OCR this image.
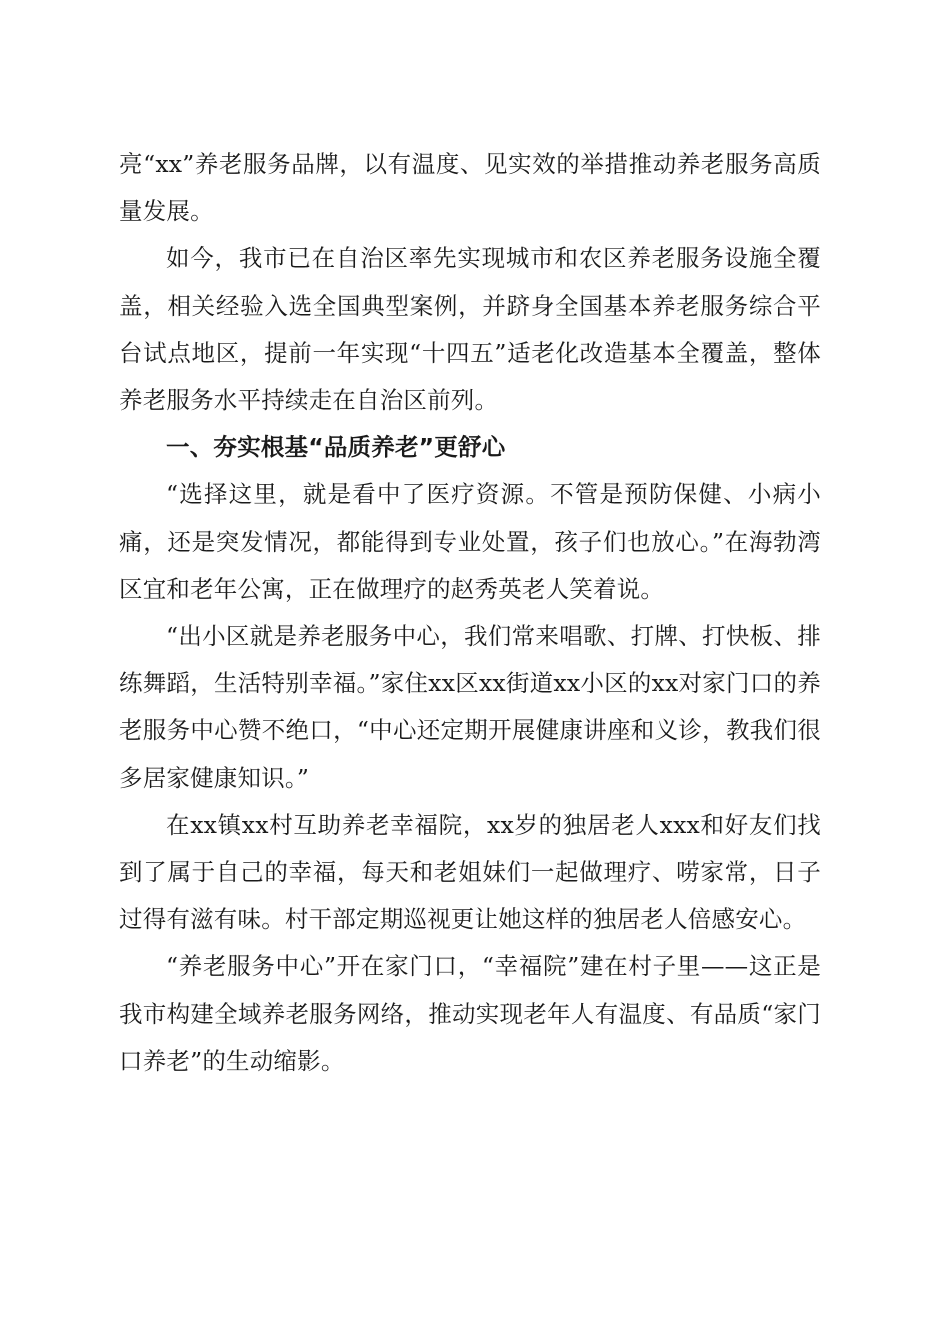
亮“xx”养老服务品牌，以有温度、见实效的举措推动养老服务高质量发展。

如今，我市已在自治区率先实现城市和农区养老服务设施全覆盖，相关经验入选全国典型案例，并跻身全国基本养老服务综合平台试点地区，提前一年实现“十四五”适老化改造基本全覆盖，整体养老服务水平持续走在自治区前列。

一、夯实根基“品质养老”更舒心

“选择这里，就是看中了医疗资源。不管是预防保健、小病小痛，还是突发情况，都能得到专业处置，孩子们也放心。”在海勃湾区宜和老年公寓，正在做理疗的赵秀英老人笑着说。

“出小区就是养老服务中心，我们常来唱歌、打牌、打快板、排练舞蹈，生活特别幸福。”家住xx区xx街道xx小区的xx对家门口的养老服务中心赞不绝口，“中心还定期开展健康讲座和义诊，教我们很多居家健康知识。”

在xx镇xx村互助养老幸福院，xx岁的独居老人xxx和好友们找到了属于自己的幸福，每天和老姐妹们一起做理疗、唠家常，日子过得有滋有味。村干部定期巡视更让她这样的独居老人倍感安心。

“养老服务中心”开在家门口，“幸福院”建在村子里——这正是我市构建全域养老服务网络，推动实现老年人有温度、有品质“家门口养老”的生动缩影。
